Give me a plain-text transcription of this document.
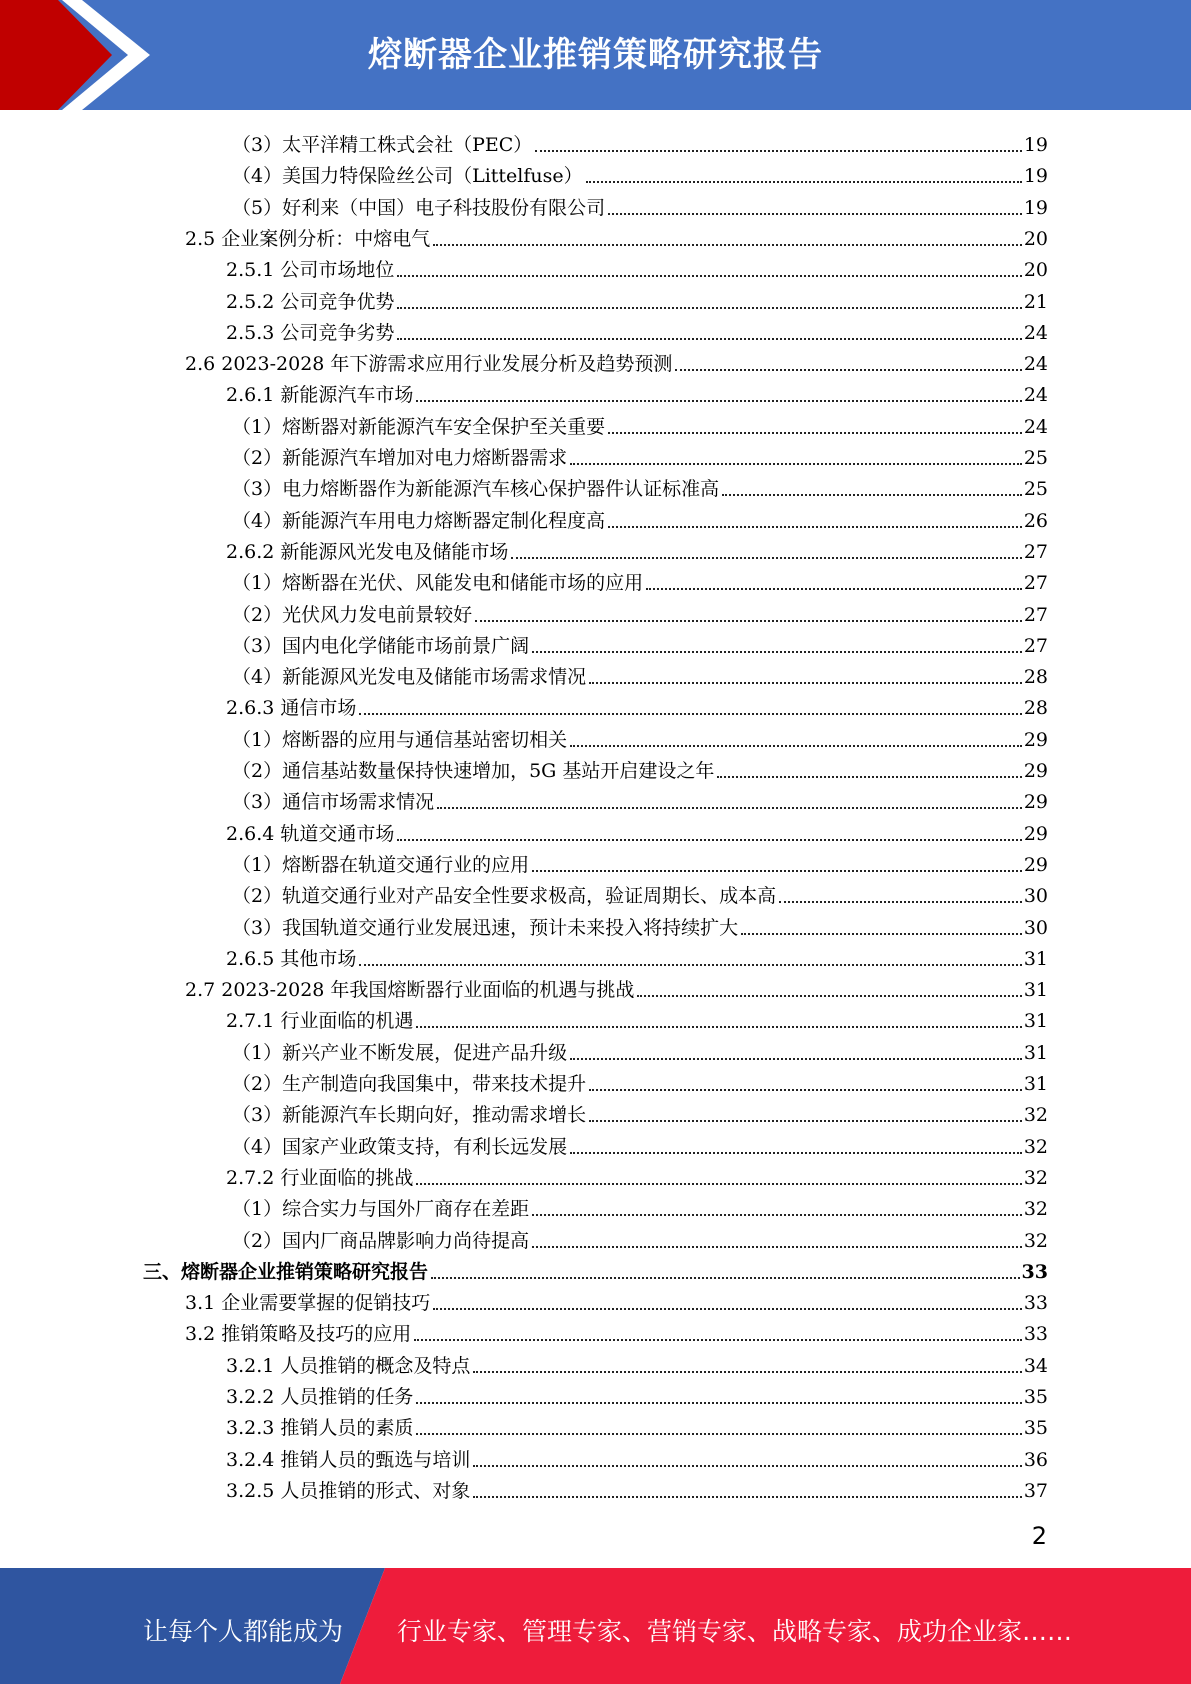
熔断器企业推销策略研究报告
（3）太平洋精工株式会社（PEC）	19
（4）美国力特保险丝公司（Littelfuse）	19
（5）好利来（中国）电子科技股份有限公司	19
2.5 企业案例分析：中熔电气	20
2.5.1 公司市场地位	20
2.5.2 公司竞争优势	21
2.5.3 公司竞争劣势	24
2.6 2023-2028 年下游需求应用行业发展分析及趋势预测	24
2.6.1 新能源汽车市场	24
（1）熔断器对新能源汽车安全保护至关重要	24
（2）新能源汽车增加对电力熔断器需求	25
（3）电力熔断器作为新能源汽车核心保护器件认证标准高	25
（4）新能源汽车用电力熔断器定制化程度高	26
2.6.2 新能源风光发电及储能市场	27
（1）熔断器在光伏、风能发电和储能市场的应用	27
（2）光伏风力发电前景较好	27
（3）国内电化学储能市场前景广阔	27
（4）新能源风光发电及储能市场需求情况	28
2.6.3 通信市场	28
（1）熔断器的应用与通信基站密切相关	29
（2）通信基站数量保持快速增加，5G 基站开启建设之年	29
（3）通信市场需求情况	29
2.6.4 轨道交通市场	29
（1）熔断器在轨道交通行业的应用	29
（2）轨道交通行业对产品安全性要求极高，验证周期长、成本高	30
（3）我国轨道交通行业发展迅速，预计未来投入将持续扩大	30
2.6.5 其他市场	31
2.7 2023-2028 年我国熔断器行业面临的机遇与挑战	31
2.7.1 行业面临的机遇	31
（1）新兴产业不断发展，促进产品升级	31
（2）生产制造向我国集中，带来技术提升	31
（3）新能源汽车长期向好，推动需求增长	32
（4）国家产业政策支持，有利长远发展	32
2.7.2 行业面临的挑战	32
（1）综合实力与国外厂商存在差距	32
（2）国内厂商品牌影响力尚待提高	32
三、熔断器企业推销策略研究报告	33
3.1 企业需要掌握的促销技巧	33
3.2 推销策略及技巧的应用	33
3.2.1 人员推销的概念及特点	34
3.2.2 人员推销的任务	35
3.2.3 推销人员的素质	35
3.2.4 推销人员的甄选与培训	36
3.2.5 人员推销的形式、对象	37
2
让每个人都能成为 行业专家、管理专家、营销专家、战略专家、成功企业家……
